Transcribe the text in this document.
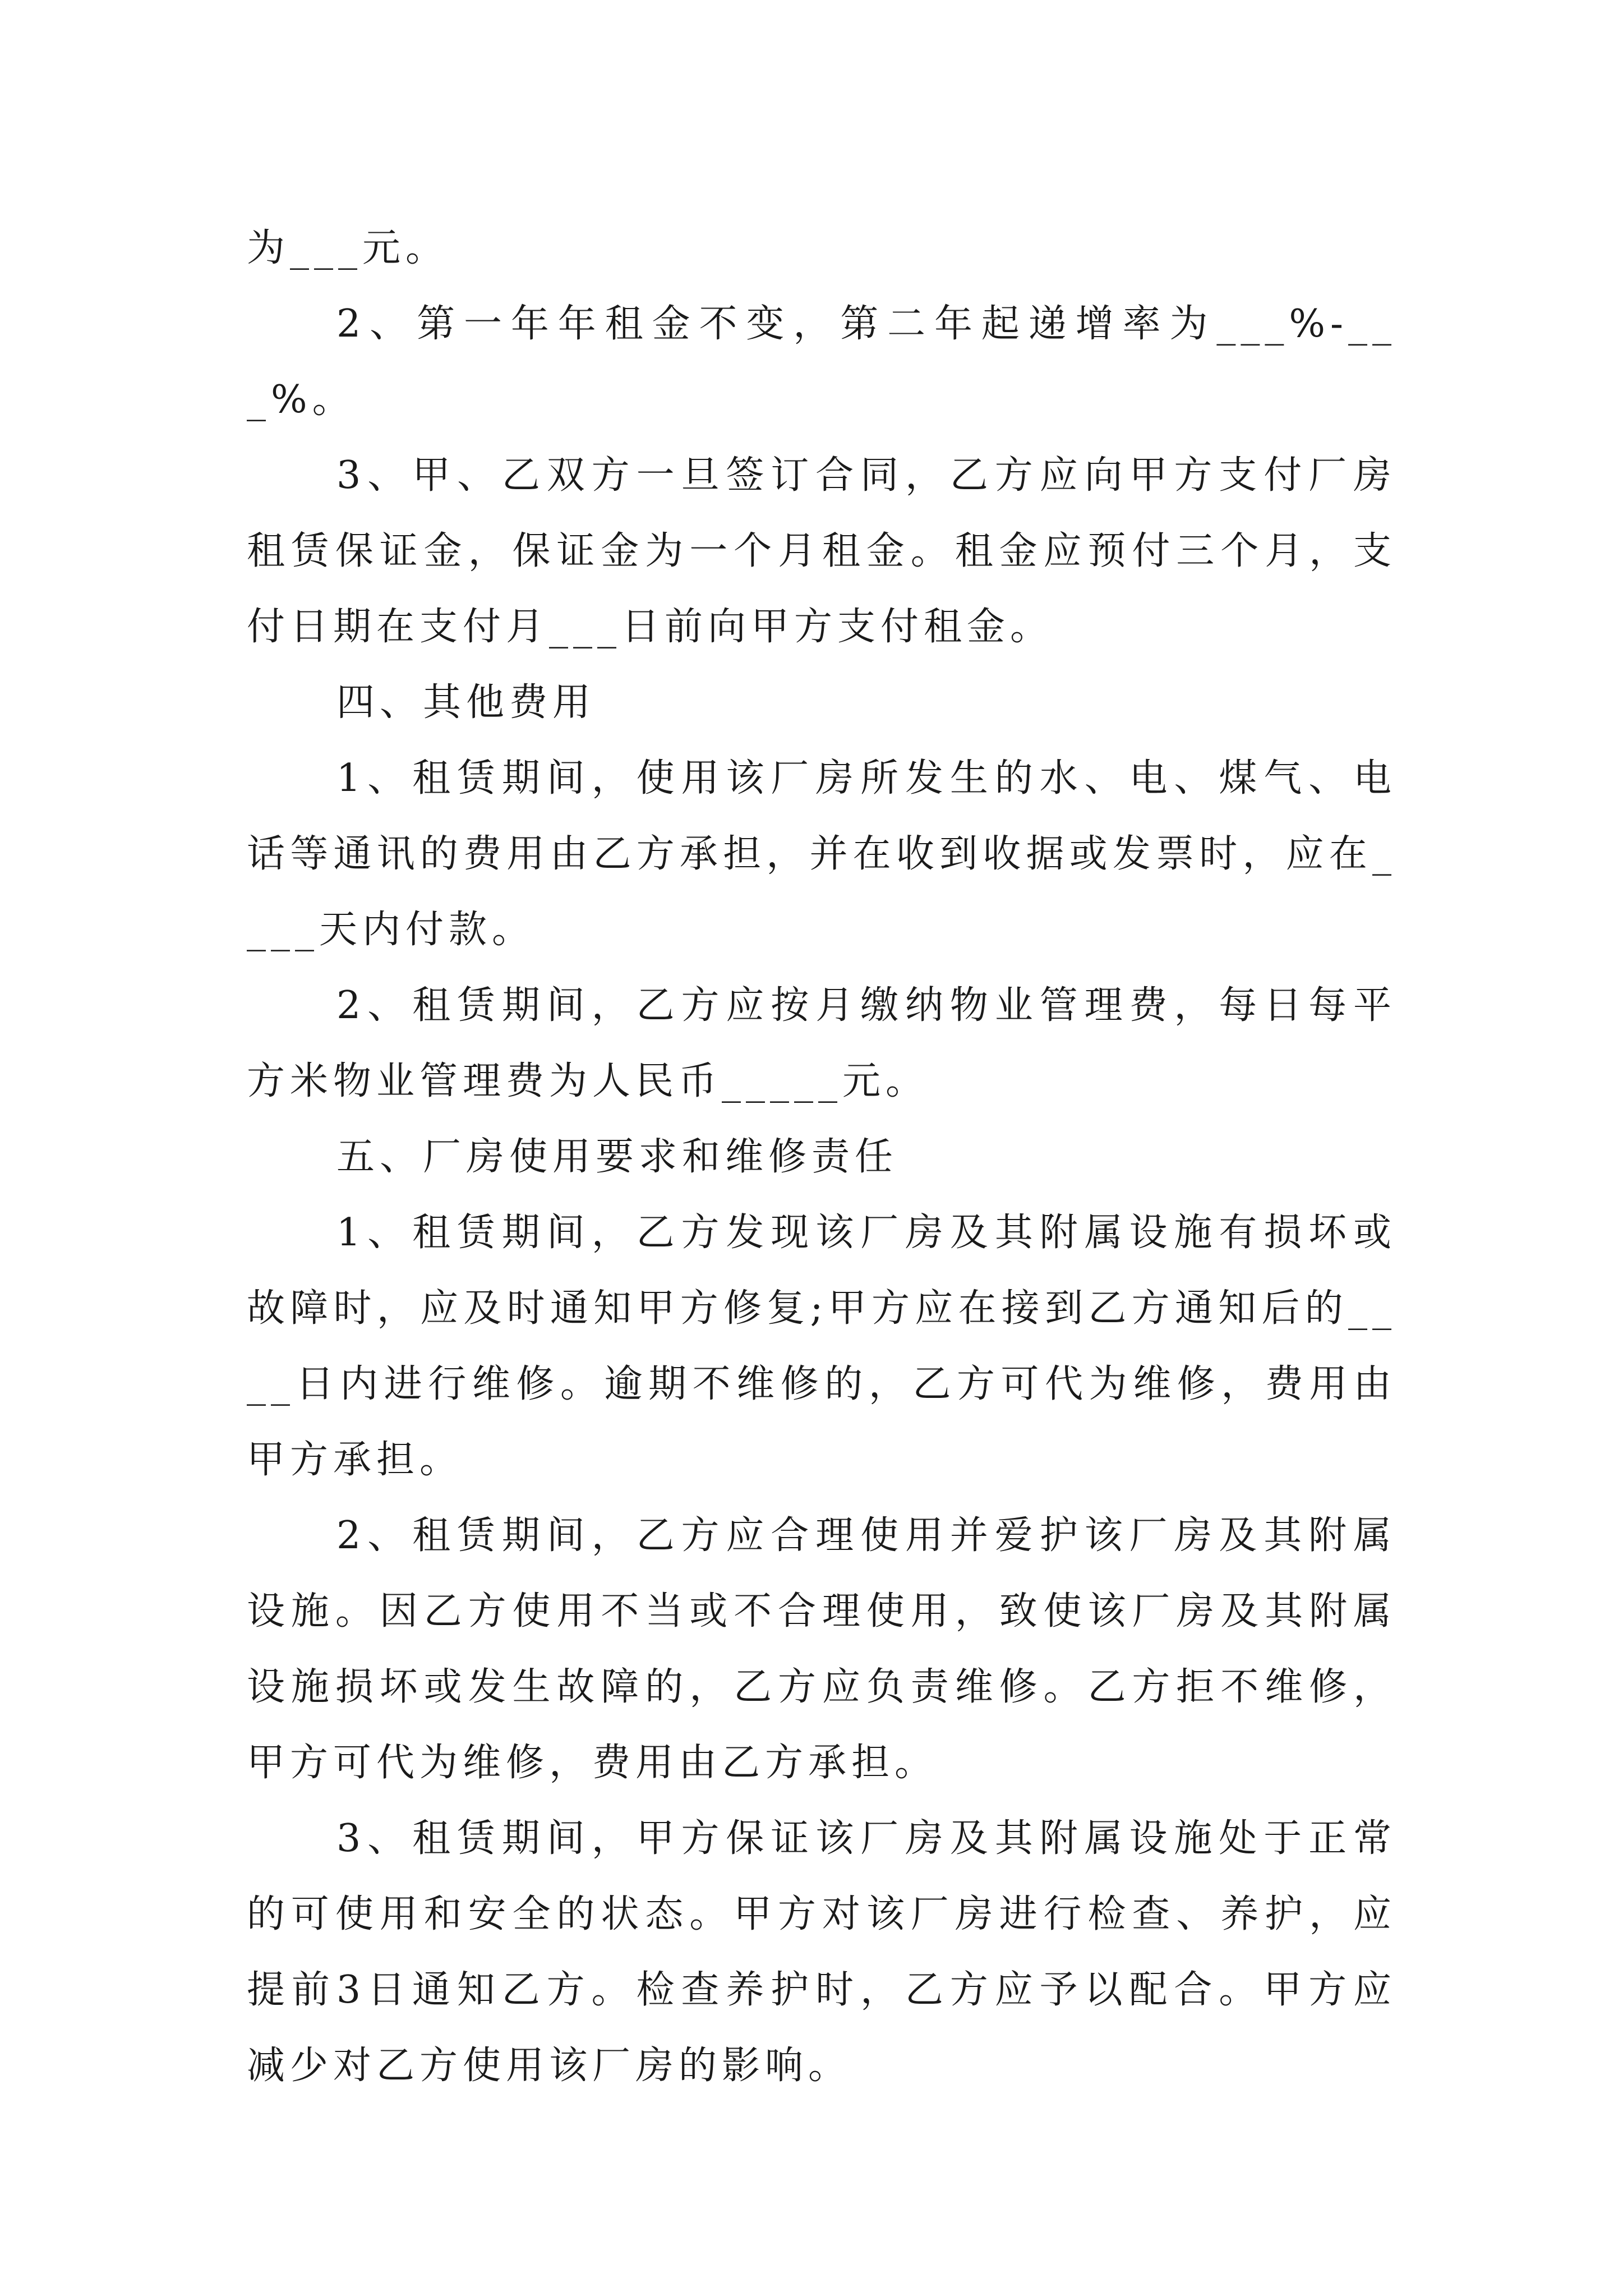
为___元。

2、第一年年租金不变，第二年起递增率为___%-___%。

3、甲、乙双方一旦签订合同，乙方应向甲方支付厂房租赁保证金，保证金为一个月租金。租金应预付三个月，支付日期在支付月___日前向甲方支付租金。

四、其他费用

1、租赁期间，使用该厂房所发生的水、电、煤气、电话等通讯的费用由乙方承担，并在收到收据或发票时，应在____天内付款。

2、租赁期间，乙方应按月缴纳物业管理费，每日每平方米物业管理费为人民币_____元。

五、厂房使用要求和维修责任

1、租赁期间，乙方发现该厂房及其附属设施有损坏或故障时，应及时通知甲方修复;甲方应在接到乙方通知后的____日内进行维修。逾期不维修的，乙方可代为维修，费用由甲方承担。

2、租赁期间，乙方应合理使用并爱护该厂房及其附属设施。因乙方使用不当或不合理使用，致使该厂房及其附属设施损坏或发生故障的，乙方应负责维修。乙方拒不维修，甲方可代为维修，费用由乙方承担。

3、租赁期间，甲方保证该厂房及其附属设施处于正常的可使用和安全的状态。甲方对该厂房进行检查、养护，应提前3日通知乙方。检查养护时，乙方应予以配合。甲方应减少对乙方使用该厂房的影响。
